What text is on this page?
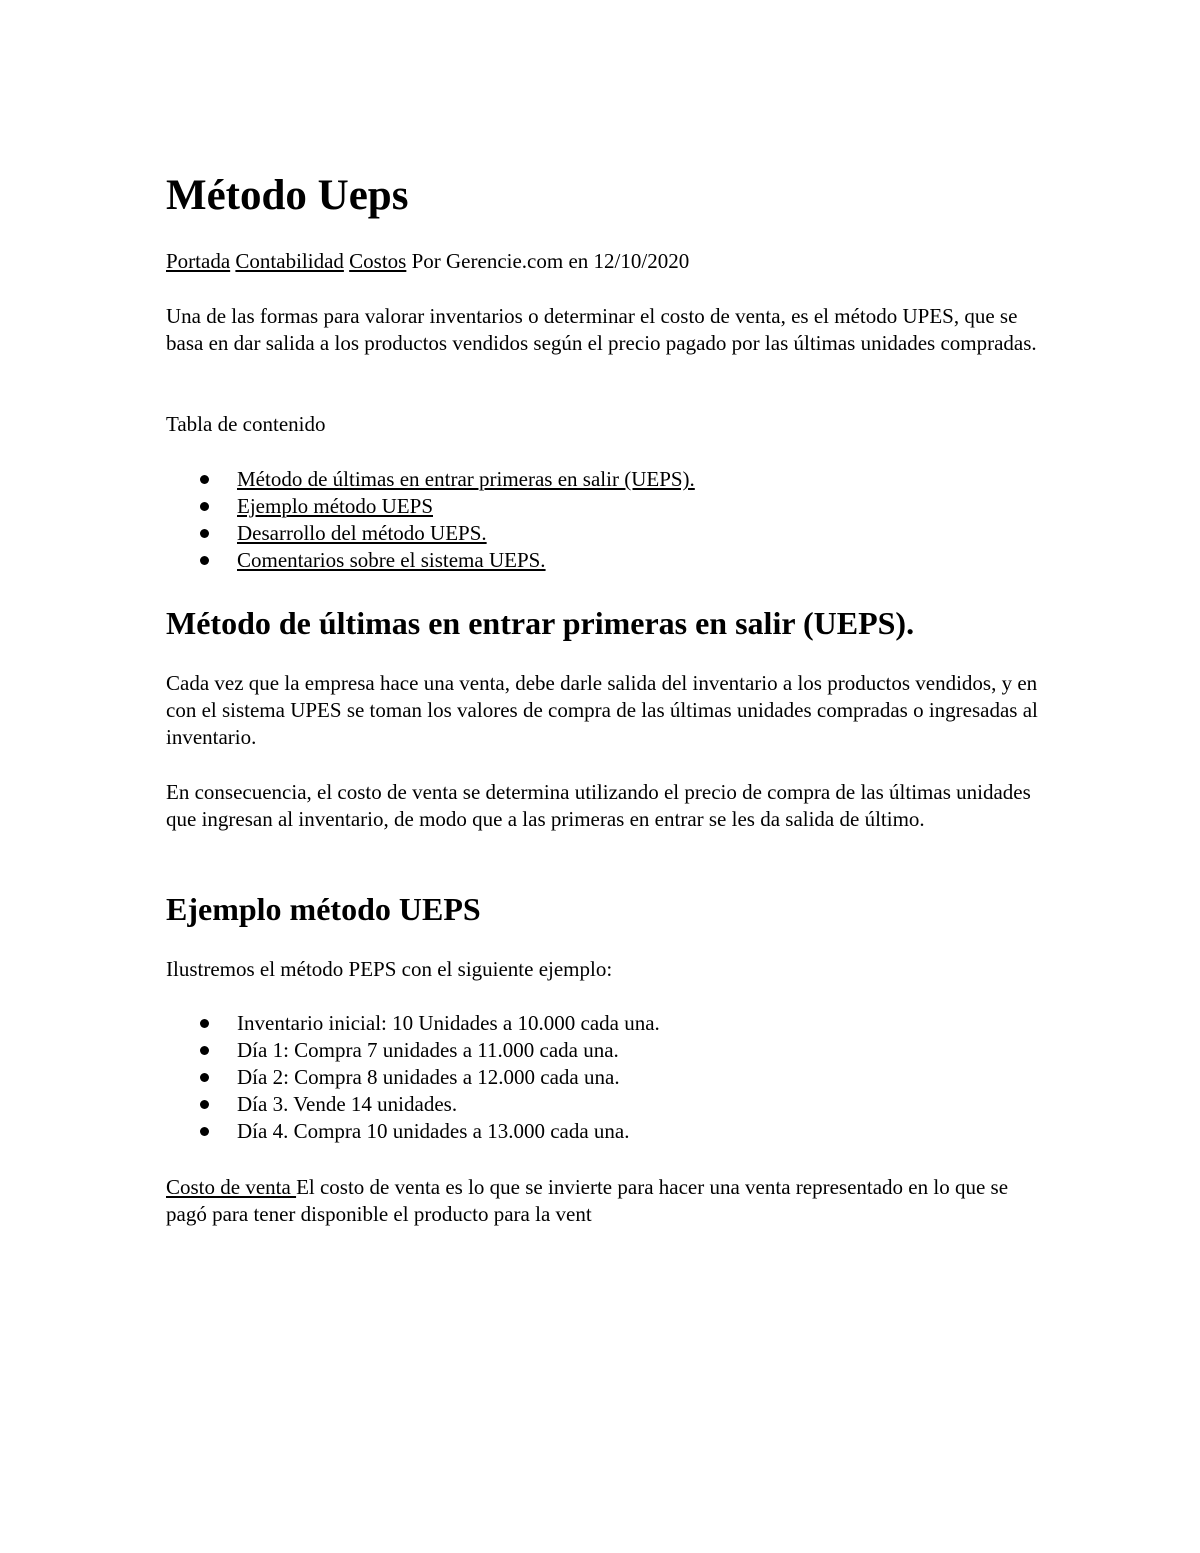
Método Ueps

Portada Contabilidad Costos Por Gerencie.com en 12/10/2020

Una de las formas para valorar inventarios o determinar el costo de venta, es el método UPES, que se basa en dar salida a los productos vendidos según el precio pagado por las últimas unidades compradas.

Tabla de contenido

Método de últimas en entrar primeras en salir (UEPS).
Ejemplo método UEPS
Desarrollo del método UEPS.
Comentarios sobre el sistema UEPS.
Método de últimas en entrar primeras en salir (UEPS).

Cada vez que la empresa hace una venta, debe darle salida del inventario a los productos vendidos, y en con el sistema UPES se toman los valores de compra de las últimas unidades compradas o ingresadas al inventario.

En consecuencia, el costo de venta se determina utilizando el precio de compra de las últimas unidades que ingresan al inventario, de modo que a las primeras en entrar se les da salida de último.

Ejemplo método UEPS

Ilustremos el método PEPS con el siguiente ejemplo:

Inventario inicial: 10 Unidades a 10.000 cada una.
Día 1: Compra 7 unidades a 11.000 cada una.
Día 2: Compra 8 unidades a 12.000 cada una.
Día 3. Vende 14 unidades.
Día 4. Compra 10 unidades a 13.000 cada una.

Costo de venta El costo de venta es lo que se invierte para hacer una venta representado en lo que se pagó para tener disponible el producto para la vent
